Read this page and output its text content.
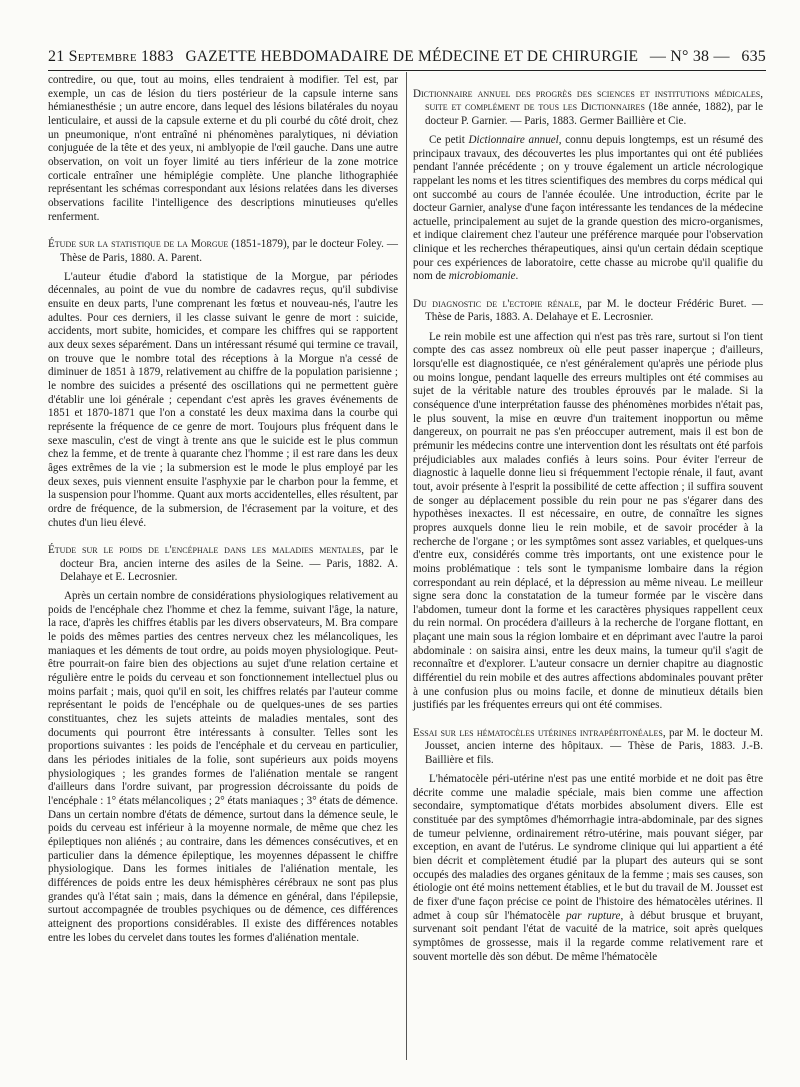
21 Septembre 1883 GAZETTE HEBDOMADAIRE DE MÉDECINE ET DE CHIRURGIE — N° 38 — 635

contredire, ou que, tout au moins, elles tendraient à modifier. Tel est, par exemple, un cas de lésion du tiers postérieur de la capsule interne sans hémianesthésie ; un autre encore, dans lequel des lésions bilatérales du noyau lenticulaire, et aussi de la capsule externe et du pli courbé du côté droit, chez un pneumonique, n'ont entraîné ni phénomènes paralytiques, ni déviation conjuguée de la tête et des yeux, ni amblyopie de l'œil gauche. Dans une autre observation, on voit un foyer limité au tiers inférieur de la zone motrice corticale entraîner une hémiplégie complète. Une planche lithographiée représentant les schémas correspondant aux lésions relatées dans les diverses observations facilite l'intelligence des descriptions minutieuses qu'elles renferment.

Étude sur la statistique de la Morgue (1851-1879), par le docteur Foley. — Thèse de Paris, 1880. A. Parent.

L'auteur étudie d'abord la statistique de la Morgue, par périodes décennales, au point de vue du nombre de cadavres reçus, qu'il subdivise ensuite en deux parts, l'une comprenant les fœtus et nouveau-nés, l'autre les adultes. Pour ces derniers, il les classe suivant le genre de mort : suicide, accidents, mort subite, homicides, et compare les chiffres qui se rapportent aux deux sexes séparément. Dans un intéressant résumé qui termine ce travail, on trouve que le nombre total des réceptions à la Morgue n'a cessé de diminuer de 1851 à 1879, relativement au chiffre de la population parisienne ; le nombre des suicides a présenté des oscillations qui ne permettent guère d'établir une loi générale ; cependant c'est après les graves événements de 1851 et 1870-1871 que l'on a constaté les deux maxima dans la courbe qui représente la fréquence de ce genre de mort. Toujours plus fréquent dans le sexe masculin, c'est de vingt à trente ans que le suicide est le plus commun chez la femme, et de trente à quarante chez l'homme ; il est rare dans les deux âges extrêmes de la vie ; la submersion est le mode le plus employé par les deux sexes, puis viennent ensuite l'asphyxie par le charbon pour la femme, et la suspension pour l'homme. Quant aux morts accidentelles, elles résultent, par ordre de fréquence, de la submersion, de l'écrasement par la voiture, et des chutes d'un lieu élevé.

Étude sur le poids de l'encéphale dans les maladies mentales, par le docteur Bra, ancien interne des asiles de la Seine. — Paris, 1882. A. Delahaye et E. Lecrosnier.

Après un certain nombre de considérations physiologiques relativement au poids de l'encéphale chez l'homme et chez la femme, suivant l'âge, la nature, la race, d'après les chiffres établis par les divers observateurs, M. Bra compare le poids des mêmes parties des centres nerveux chez les mélancoliques, les maniaques et les déments de tout ordre, au poids moyen physiologique. Peut-être pourrait-on faire bien des objections au sujet d'une relation certaine et régulière entre le poids du cerveau et son fonctionnement intellectuel plus ou moins parfait ; mais, quoi qu'il en soit, les chiffres relatés par l'auteur comme représentant le poids de l'encéphale ou de quelques-unes de ses parties constituantes, chez les sujets atteints de maladies mentales, sont des documents qui pourront être intéressants à consulter. Telles sont les proportions suivantes : les poids de l'encéphale et du cerveau en particulier, dans les périodes initiales de la folie, sont supérieurs aux poids moyens physiologiques ; les grandes formes de l'aliénation mentale se rangent d'ailleurs dans l'ordre suivant, par progression décroissante du poids de l'encéphale : 1° états mélancoliques ; 2° états maniaques ; 3° états de démence. Dans un certain nombre d'états de démence, surtout dans la démence seule, le poids du cerveau est inférieur à la moyenne normale, de même que chez les épileptiques non aliénés ; au contraire, dans les démences consécutives, et en particulier dans la démence épileptique, les moyennes dépassent le chiffre physiologique. Dans les formes initiales de l'aliénation mentale, les différences de poids entre les deux hémisphères cérébraux ne sont pas plus grandes qu'à l'état sain ; mais, dans la démence en général, dans l'épilepsie, surtout accompagnée de troubles psychiques ou de démence, ces différences atteignent des proportions considérables. Il existe des différences notables entre les lobes du cervelet dans toutes les formes d'aliénation mentale.

Dictionnaire annuel des progrès des sciences et institutions médicales, suite et complément de tous les Dictionnaires (18e année, 1882), par le docteur P. Garnier. — Paris, 1883. Germer Baillière et Cie.

Ce petit Dictionnaire annuel, connu depuis longtemps, est un résumé des principaux travaux, des découvertes les plus importantes qui ont été publiées pendant l'année précédente ; on y trouve également un article nécrologique rappelant les noms et les titres scientifiques des membres du corps médical qui ont succombé au cours de l'année écoulée. Une introduction, écrite par le docteur Garnier, analyse d'une façon intéressante les tendances de la médecine actuelle, principalement au sujet de la grande question des micro-organismes, et indique clairement chez l'auteur une préférence marquée pour l'observation clinique et les recherches thérapeutiques, ainsi qu'un certain dédain sceptique pour ces expériences de laboratoire, cette chasse au microbe qu'il qualifie du nom de microbiomanie.

Du diagnostic de l'ectopie rénale, par M. le docteur Frédéric Buret. — Thèse de Paris, 1883. A. Delahaye et E. Lecrosnier.

Le rein mobile est une affection qui n'est pas très rare, surtout si l'on tient compte des cas assez nombreux où elle peut passer inaperçue ; d'ailleurs, lorsqu'elle est diagnostiquée, ce n'est généralement qu'après une période plus ou moins longue, pendant laquelle des erreurs multiples ont été commises au sujet de la véritable nature des troubles éprouvés par le malade. Si la conséquence d'une interprétation fausse des phénomènes morbides n'était pas, le plus souvent, la mise en œuvre d'un traitement inopportun ou même dangereux, on pourrait ne pas s'en préoccuper autrement, mais il est bon de prémunir les médecins contre une intervention dont les résultats ont été parfois préjudiciables aux malades confiés à leurs soins. Pour éviter l'erreur de diagnostic à laquelle donne lieu si fréquemment l'ectopie rénale, il faut, avant tout, avoir présente à l'esprit la possibilité de cette affection ; il suffira souvent de songer au déplacement possible du rein pour ne pas s'égarer dans des hypothèses inexactes. Il est nécessaire, en outre, de connaître les signes propres auxquels donne lieu le rein mobile, et de savoir procéder à la recherche de l'organe ; or les symptômes sont assez variables, et quelques-uns d'entre eux, considérés comme très importants, ont une existence pour le moins problématique : tels sont le tympanisme lombaire dans la région correspondant au rein déplacé, et la dépression au même niveau. Le meilleur signe sera donc la constatation de la tumeur formée par le viscère dans l'abdomen, tumeur dont la forme et les caractères physiques rappellent ceux du rein normal. On procédera d'ailleurs à la recherche de l'organe flottant, en plaçant une main sous la région lombaire et en déprimant avec l'autre la paroi abdominale : on saisira ainsi, entre les deux mains, la tumeur qu'il s'agit de reconnaître et d'explorer. L'auteur consacre un dernier chapitre au diagnostic différentiel du rein mobile et des autres affections abdominales pouvant prêter à une confusion plus ou moins facile, et donne de minutieux détails bien justifiés par les fréquentes erreurs qui ont été commises.

Essai sur les hématocèles utérines intrapéritonéales, par M. le docteur M. Jousset, ancien interne des hôpitaux. — Thèse de Paris, 1883. J.-B. Baillière et fils.

L'hématocèle péri-utérine n'est pas une entité morbide et ne doit pas être décrite comme une maladie spéciale, mais bien comme une affection secondaire, symptomatique d'états morbides absolument divers. Elle est constituée par des symptômes d'hémorrhagie intra-abdominale, par des signes de tumeur pelvienne, ordinairement rétro-utérine, mais pouvant siéger, par exception, en avant de l'utérus. Le syndrome clinique qui lui appartient a été bien décrit et complètement étudié par la plupart des auteurs qui se sont occupés des maladies des organes génitaux de la femme ; mais ses causes, son étiologie ont été moins nettement établies, et le but du travail de M. Jousset est de fixer d'une façon précise ce point de l'histoire des hématocèles utérines. Il admet à coup sûr l'hématocèle par rupture, à début brusque et bruyant, survenant soit pendant l'état de vacuité de la matrice, soit après quelques symptômes de grossesse, mais il la regarde comme relativement rare et souvent mortelle dès son début. De même l'hématocèle
